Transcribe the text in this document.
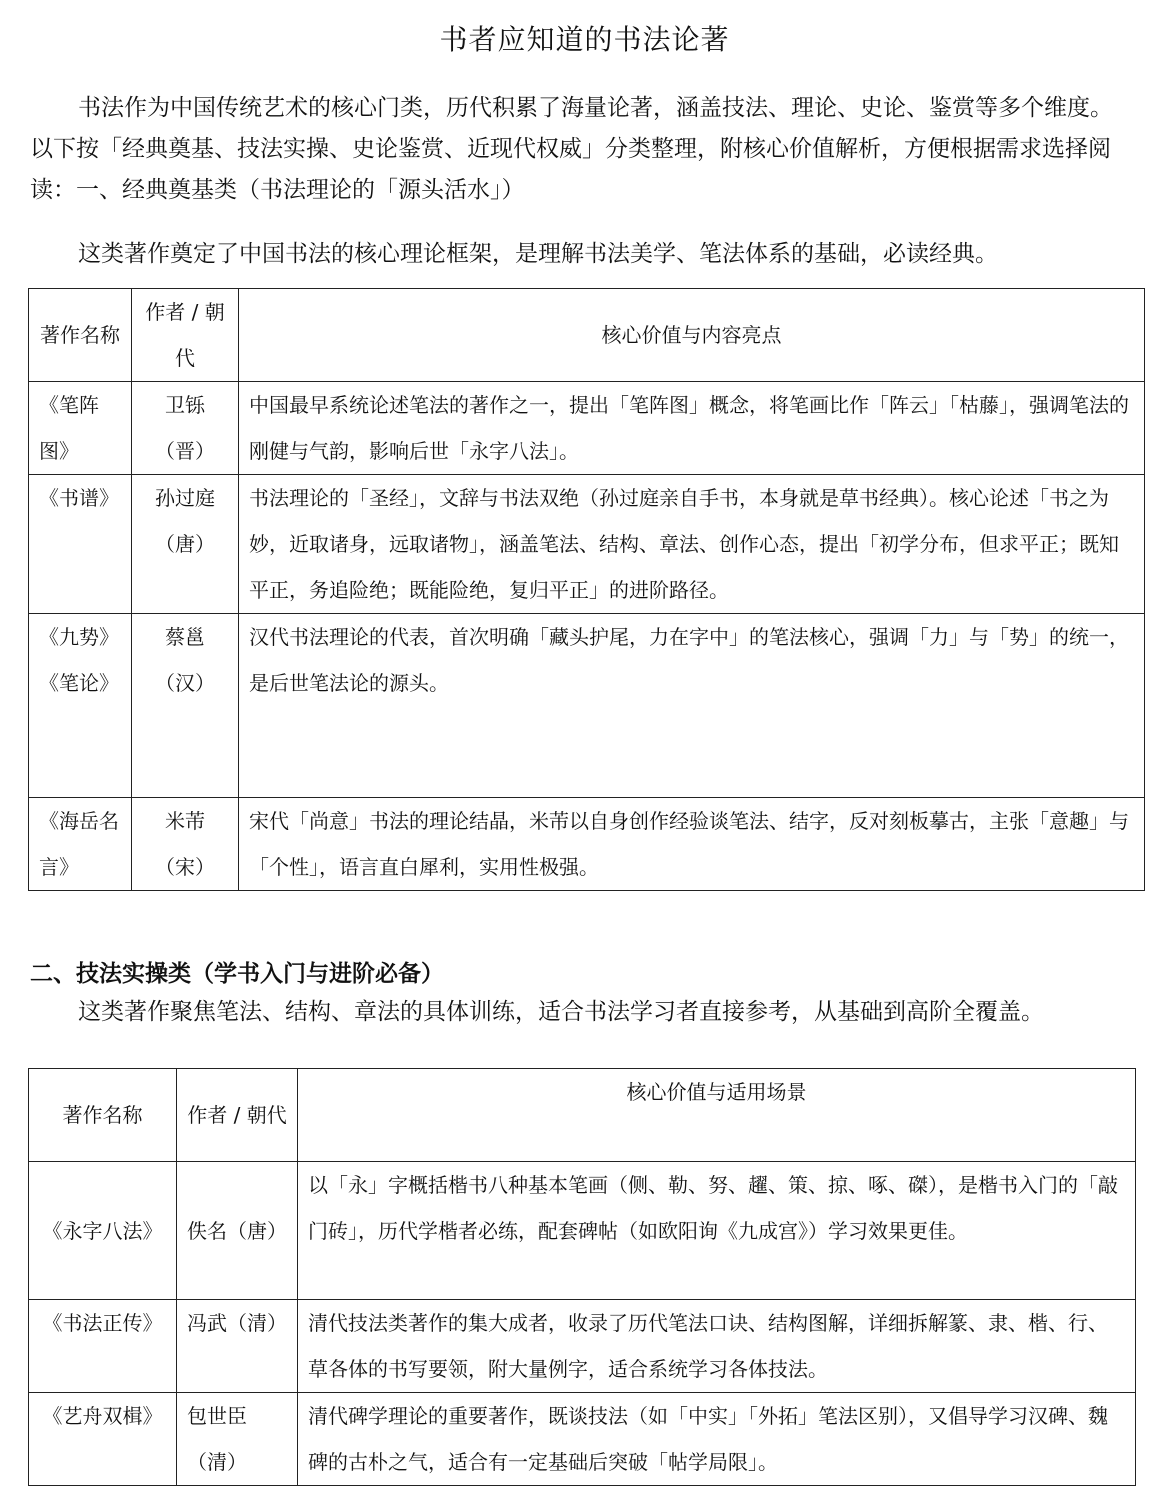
书者应知道的书法论著

书法作为中国传统艺术的核心门类，历代积累了海量论著，涵盖技法、理论、史论、鉴赏等多个维度。以下按「经典奠基、技法实操、史论鉴赏、近现代权威」分类整理，附核心价值解析，方便根据需求选择阅读：一、经典奠基类（书法理论的「源头活水」）

这类著作奠定了中国书法的核心理论框架，是理解书法美学、笔法体系的基础，必读经典。

著作名称	作者 / 朝代	核心价值与内容亮点
《笔阵图》	卫铄（晋）	中国最早系统论述笔法的著作之一，提出「笔阵图」概念，将笔画比作「阵云」「枯藤」，强调笔法的刚健与气韵，影响后世「永字八法」。
《书谱》	孙过庭（唐）	书法理论的「圣经」，文辞与书法双绝（孙过庭亲自手书，本身就是草书经典）。核心论述「书之为妙，近取诸身，远取诸物」，涵盖笔法、结构、章法、创作心态，提出「初学分布，但求平正；既知平正，务追险绝；既能险绝，复归平正」的进阶路径。
《九势》《笔论》	蔡邕（汉）	汉代书法理论的代表，首次明确「藏头护尾，力在字中」的笔法核心，强调「力」与「势」的统一，是后世笔法论的源头。
《海岳名言》	米芾（宋）	宋代「尚意」书法的理论结晶，米芾以自身创作经验谈笔法、结字，反对刻板摹古，主张「意趣」与「个性」，语言直白犀利，实用性极强。
二、技法实操类（学书入门与进阶必备）

这类著作聚焦笔法、结构、章法的具体训练，适合书法学习者直接参考，从基础到高阶全覆盖。

著作名称	作者 / 朝代	核心价值与适用场景
《永字八法》	佚名（唐）	以「永」字概括楷书八种基本笔画（侧、勒、努、趯、策、掠、啄、磔），是楷书入门的「敲门砖」，历代学楷者必练，配套碑帖（如欧阳询《九成宫》）学习效果更佳。
《书法正传》	冯武（清）	清代技法类著作的集大成者，收录了历代笔法口诀、结构图解，详细拆解篆、隶、楷、行、草各体的书写要领，附大量例字，适合系统学习各体技法。
《艺舟双楫》	包世臣（清）	清代碑学理论的重要著作，既谈技法（如「中实」「外拓」笔法区别），又倡导学习汉碑、魏碑的古朴之气，适合有一定基础后突破「帖学局限」。
